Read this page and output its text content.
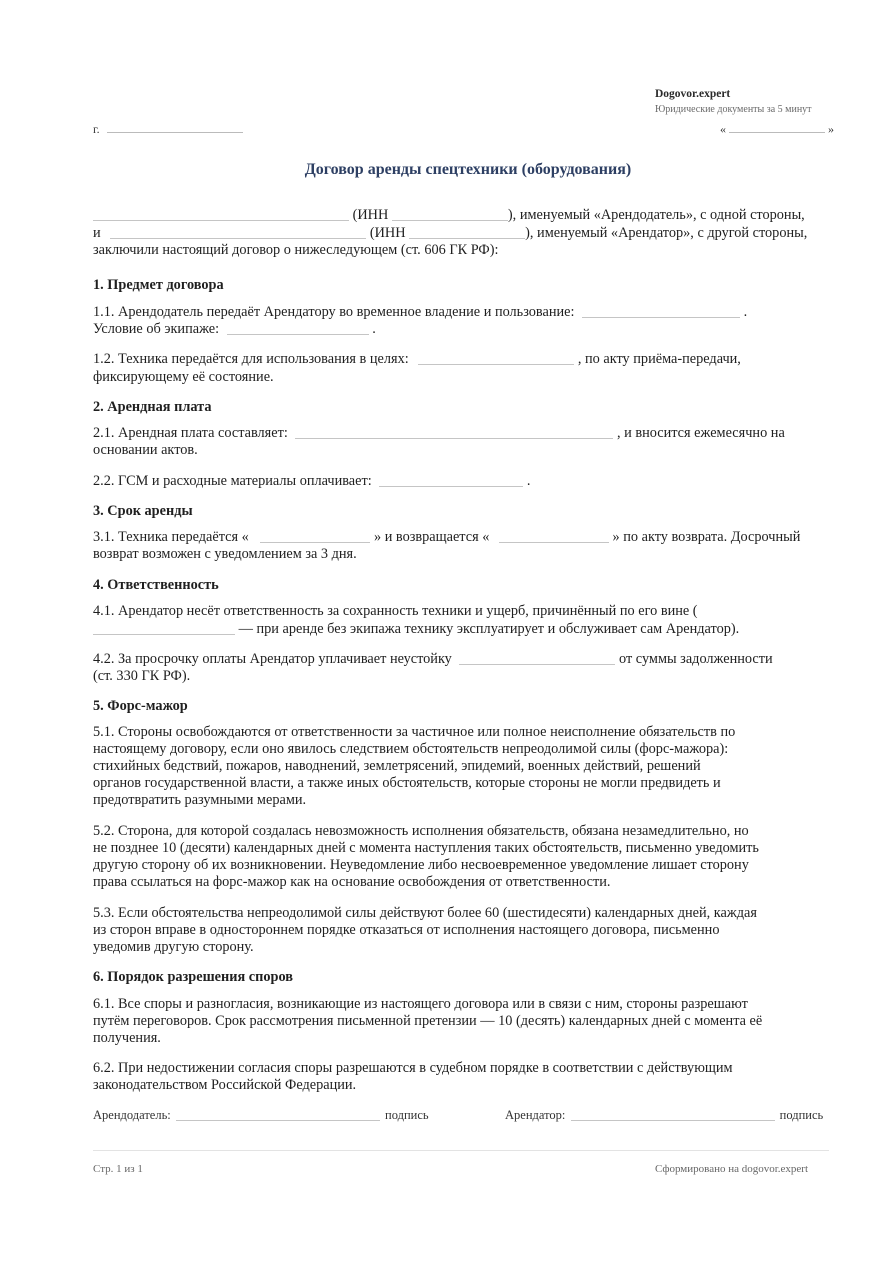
Dogovor.expert
Юридические документы за 5 минут
г.	«	»
Договор аренды спецтехники (оборудования)
(ИНН	), именуемый «Арендодатель», с одной стороны,
и	(ИНН	), именуемый «Арендатор», с другой стороны,
заключили настоящий договор о нижеследующем (ст. 606 ГК РФ):
1. Предмет договора
1.1. Арендодатель передаёт Арендатору во временное владение и пользование:	.
Условие об экипаже:	.
1.2. Техника передаётся для использования в целях:	, по акту приёма-передачи,
фиксирующему её состояние.
2. Арендная плата
2.1. Арендная плата составляет:	, и вносится ежемесячно на
основании актов.
2.2. ГСМ и расходные материалы оплачивает:	.
3. Срок аренды
3.1. Техника передаётся «	» и возвращается «	» по акту возврата. Досрочный
возврат возможен с уведомлением за 3 дня.
4. Ответственность
4.1. Арендатор несёт ответственность за сохранность техники и ущерб, причинённый по его вине (
— при аренде без экипажа технику эксплуатирует и обслуживает сам Арендатор).
4.2. За просрочку оплаты Арендатор уплачивает неустойку	от суммы задолженности
(ст. 330 ГК РФ).
5. Форс-мажор
5.1. Стороны освобождаются от ответственности за частичное или полное неисполнение обязательств по
настоящему договору, если оно явилось следствием обстоятельств непреодолимой силы (форс-мажора):
стихийных бедствий, пожаров, наводнений, землетрясений, эпидемий, военных действий, решений
органов государственной власти, а также иных обстоятельств, которые стороны не могли предвидеть и
предотвратить разумными мерами.
5.2. Сторона, для которой создалась невозможность исполнения обязательств, обязана незамедлительно, но
не позднее 10 (десяти) календарных дней с момента наступления таких обстоятельств, письменно уведомить
другую сторону об их возникновении. Неуведомление либо несвоевременное уведомление лишает сторону
права ссылаться на форс-мажор как на основание освобождения от ответственности.
5.3. Если обстоятельства непреодолимой силы действуют более 60 (шестидесяти) календарных дней, каждая
из сторон вправе в одностороннем порядке отказаться от исполнения настоящего договора, письменно
уведомив другую сторону.
6. Порядок разрешения споров
6.1. Все споры и разногласия, возникающие из настоящего договора или в связи с ним, стороны разрешают
путём переговоров. Срок рассмотрения письменной претензии — 10 (десять) календарных дней с момента её
получения.
6.2. При недостижении согласия споры разрешаются в судебном порядке в соответствии с действующим
законодательством Российской Федерации.
Арендодатель:	подпись	Арендатор:	подпись
Стр. 1 из 1	Сформировано на dogovor.expert
